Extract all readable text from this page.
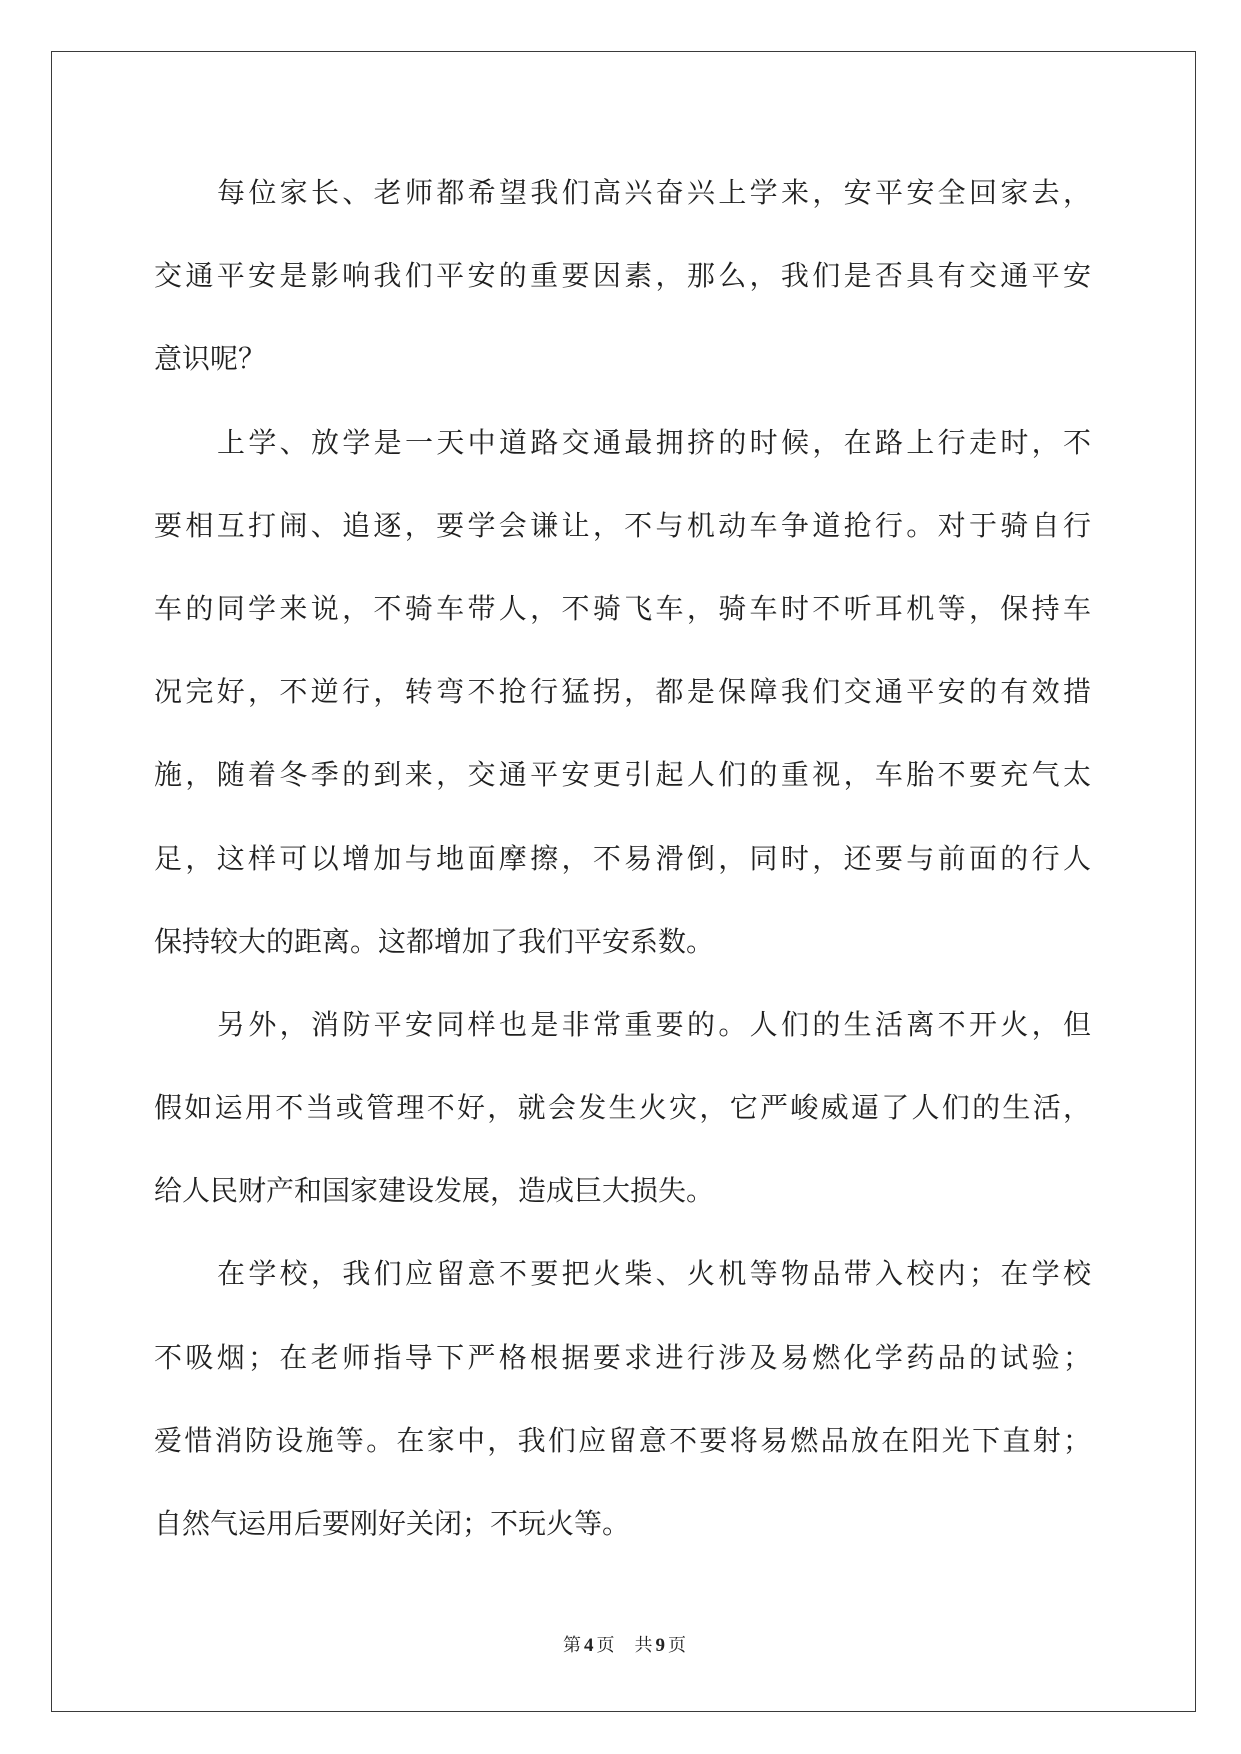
每位家长、老师都希望我们高兴奋兴上学来，安平安全回家去，
交通平安是影响我们平安的重要因素，那么，我们是否具有交通平安
意识呢？
上学、放学是一天中道路交通最拥挤的时候，在路上行走时，不
要相互打闹、追逐，要学会谦让，不与机动车争道抢行。对于骑自行
车的同学来说，不骑车带人，不骑飞车，骑车时不听耳机等，保持车
况完好，不逆行，转弯不抢行猛拐，都是保障我们交通平安的有效措
施，随着冬季的到来，交通平安更引起人们的重视，车胎不要充气太
足，这样可以增加与地面摩擦，不易滑倒，同时，还要与前面的行人
保持较大的距离。这都增加了我们平安系数。
另外，消防平安同样也是非常重要的。人们的生活离不开火，但
假如运用不当或管理不好，就会发生火灾，它严峻威逼了人们的生活，
给人民财产和国家建设发展，造成巨大损失。
在学校，我们应留意不要把火柴、火机等物品带入校内；在学校
不吸烟；在老师指导下严格根据要求进行涉及易燃化学药品的试验；
爱惜消防设施等。在家中，我们应留意不要将易燃品放在阳光下直射；
自然气运用后要刚好关闭；不玩火等。
第 4 页 共 9 页
